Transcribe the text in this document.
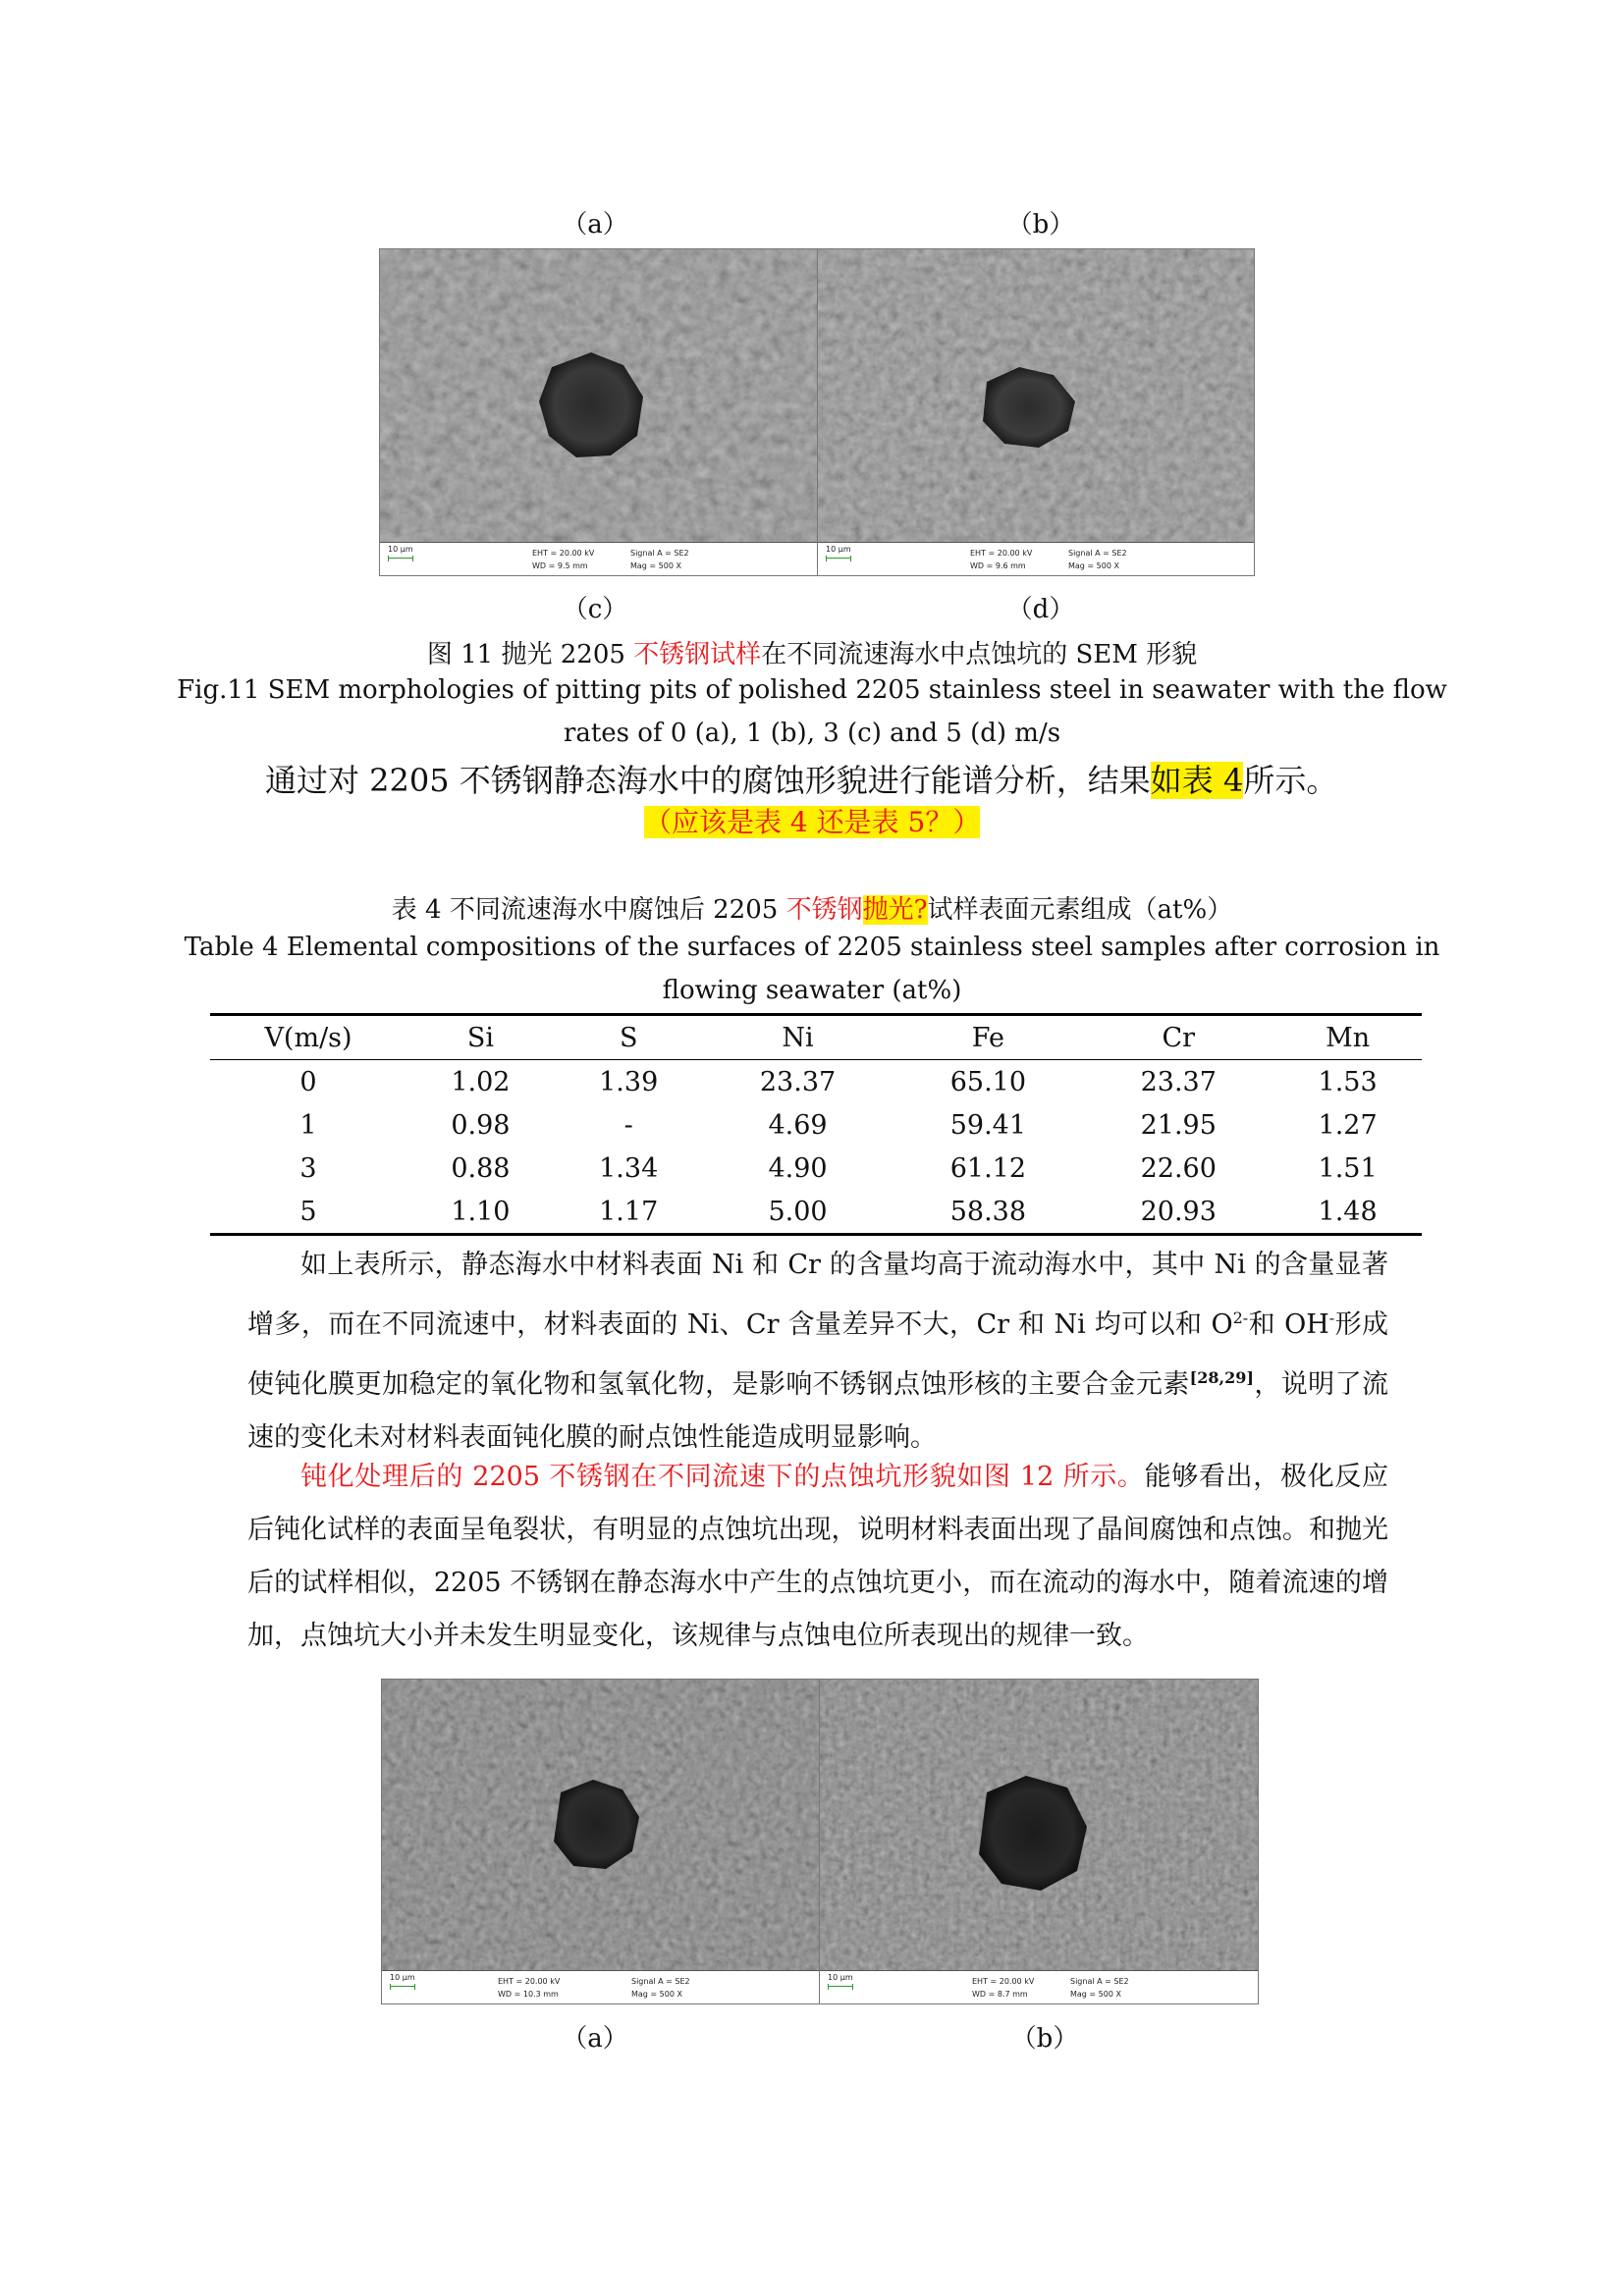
（a）	（b）
10 μm	EHT = 20.00 kV
WD = 9.5 mm
Signal A = SE2
Mag = 500 X
10 μm	EHT = 20.00 kV
WD = 9.6 mm
Signal A = SE2
Mag = 500 X
（c）	（d）
图 11 抛光 2205 不锈钢试样在不同流速海水中点蚀坑的 SEM 形貌
Fig.11 SEM morphologies of pitting pits of polished 2205 stainless steel in seawater with the flow
rates of 0 (a), 1 (b), 3 (c) and 5 (d) m/s
通过对 2205 不锈钢静态海水中的腐蚀形貌进行能谱分析，结果如表 4所示。
（应该是表 4 还是表 5？）
表 4 不同流速海水中腐蚀后 2205 不锈钢抛光?试样表面元素组成（at%）
Table 4 Elemental compositions of the surfaces of 2205 stainless steel samples after corrosion in
flowing seawater (at%)
V(m/s)	Si	S	Ni	Fe	Cr	Mn
0	1.02	1.39	23.37	65.10	23.37	1.53
1	0.98	-	4.69	59.41	21.95	1.27
3	0.88	1.34	4.90	61.12	22.60	1.51
5	1.10	1.17	5.00	58.38	20.93	1.48

如上表所示，静态海水中材料表面 Ni 和 Cr 的含量均高于流动海水中，其中 Ni 的含量显著增多，而在不同流速中，材料表面的 Ni、Cr 含量差异不大，Cr 和 Ni 均可以和 $O^{2-}$和 OH-形成使钝化膜更加稳定的氧化物和氢氧化物，是影响不锈钢点蚀形核的主要合金元素[28,29]，说明了流速的变化未对材料表面钝化膜的耐点蚀性能造成明显影响。

钝化处理后的 2205 不锈钢在不同流速下的点蚀坑形貌如图 12 所示。能够看出，极化反应后钝化试样的表面呈龟裂状，有明显的点蚀坑出现，说明材料表面出现了晶间腐蚀和点蚀。和抛光后的试样相似，2205 不锈钢在静态海水中产生的点蚀坑更小，而在流动的海水中，随着流速的增加，点蚀坑大小并未发生明显变化，该规律与点蚀电位所表现出的规律一致。

10 μm	EHT = 20.00 kV
WD = 10.3 mm
Signal A = SE2
Mag = 500 X
10 μm	EHT = 20.00 kV
WD = 8.7 mm
Signal A = SE2
Mag = 500 X
（a）	（b）
